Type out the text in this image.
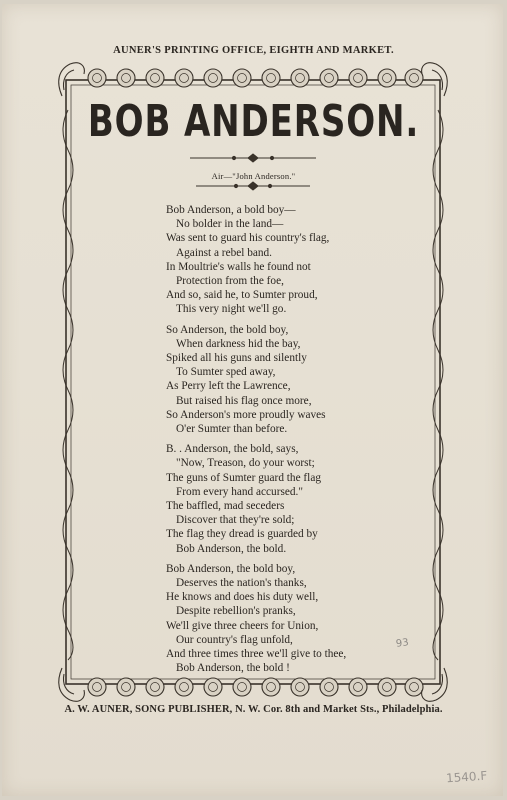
AUNER'S PRINTING OFFICE, EIGHTH AND MARKET.
BOB ANDERSON.
Air—"John Anderson."
Bob Anderson, a bold boy—
No bolder in the land—
Was sent to guard his country's flag,
Against a rebel band.
In Moultrie's walls he found not
Protection from the foe,
And so, said he, to Sumter proud,
This very night we'll go.
So Anderson, the bold boy,
When darkness hid the bay,
Spiked all his guns and silently
To Sumter sped away,
As Perry left the Lawrence,
But raised his flag once more,
So Anderson's more proudly waves
O'er Sumter than before.
B. . Anderson, the bold, says,
"Now, Treason, do your worst;
The guns of Sumter guard the flag
From every hand accursed."
The baffled, mad seceders
Discover that they're sold;
The flag they dread is guarded by
Bob Anderson, the bold.
Bob Anderson, the bold boy,
Deserves the nation's thanks,
He knows and does his duty well,
Despite rebellion's pranks,
We'll give three cheers for Union,
Our country's flag unfold,
And three times three we'll give to thee,
Bob Anderson, the bold !
93
A. W. AUNER, SONG PUBLISHER, N. W. Cor. 8th and Market Sts., Philadelphia.
1540.F
